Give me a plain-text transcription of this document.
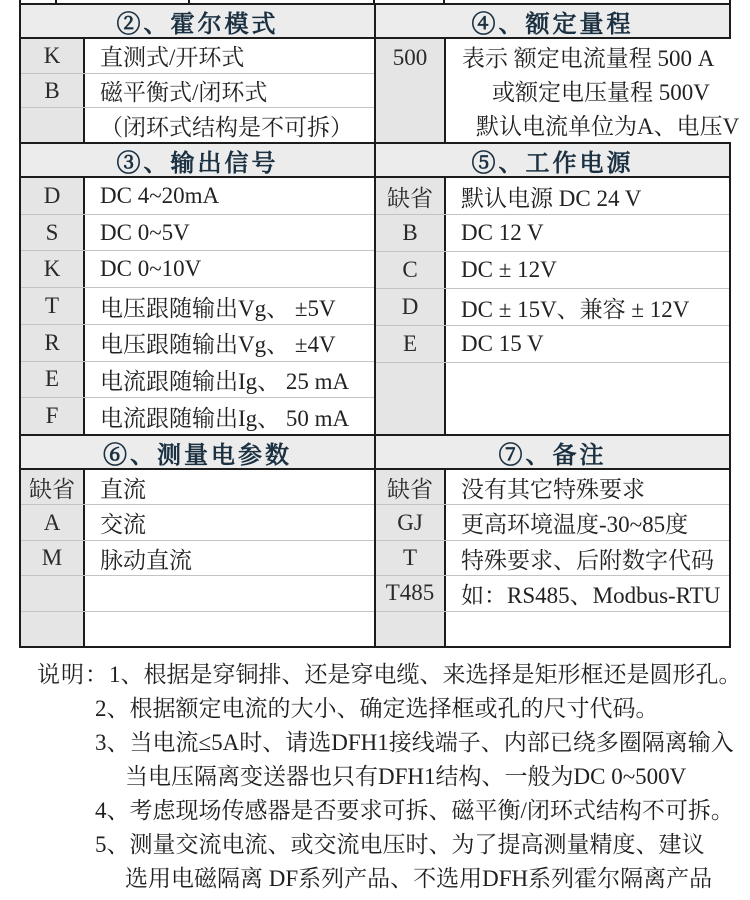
②、霍尔模式
K	直测式/开环式
B	磁平衡式/闭环式
（闭环式结构是不可拆）
③、输出信号
D	DC 4~20mA
S	DC 0~5V
K	DC 0~10V
T	电压跟随输出Vg、 ±5V
R	电压跟随输出Vg、 ±4V
E	电流跟随输出Ig、 25 mA
F	电流跟随输出Ig、 50 mA
⑥、测量电参数
缺省	直流
A	交流
M	脉动直流
④、额定量程
500	表示 额定电流量程 500 A
或额定电压量程 500V
默认电流单位为A、电压V
⑤、工作电源
缺省	默认电源 DC 24 V
B	DC 12 V
C	DC ± 12V
D	DC ± 15V、兼容 ± 12V
E	DC 15 V
⑦、备注
缺省	没有其它特殊要求
GJ	更高环境温度-30~85度
T	特殊要求、后附数字代码
T485	如：RS485、Modbus-RTU
说明： 1、 根据是穿铜排、还是穿电缆、来选择是矩形框还是圆形孔。
2、 根据额定电流的大小、确定选择框或孔的尺寸代码。
3、 当电流≤5A时、请选DFH1接线端子、内部已绕多圈隔离输入
当电压隔离变送器也只有DFH1结构、一般为DC 0~500V
4、 考虑现场传感器是否要求可拆、磁平衡/闭环式结构不可拆。
5、 测量交流电流、或交流电压时、为了提高测量精度、建议
选用电磁隔离 DF系列产品、不选用DFH系列霍尔隔离产品
